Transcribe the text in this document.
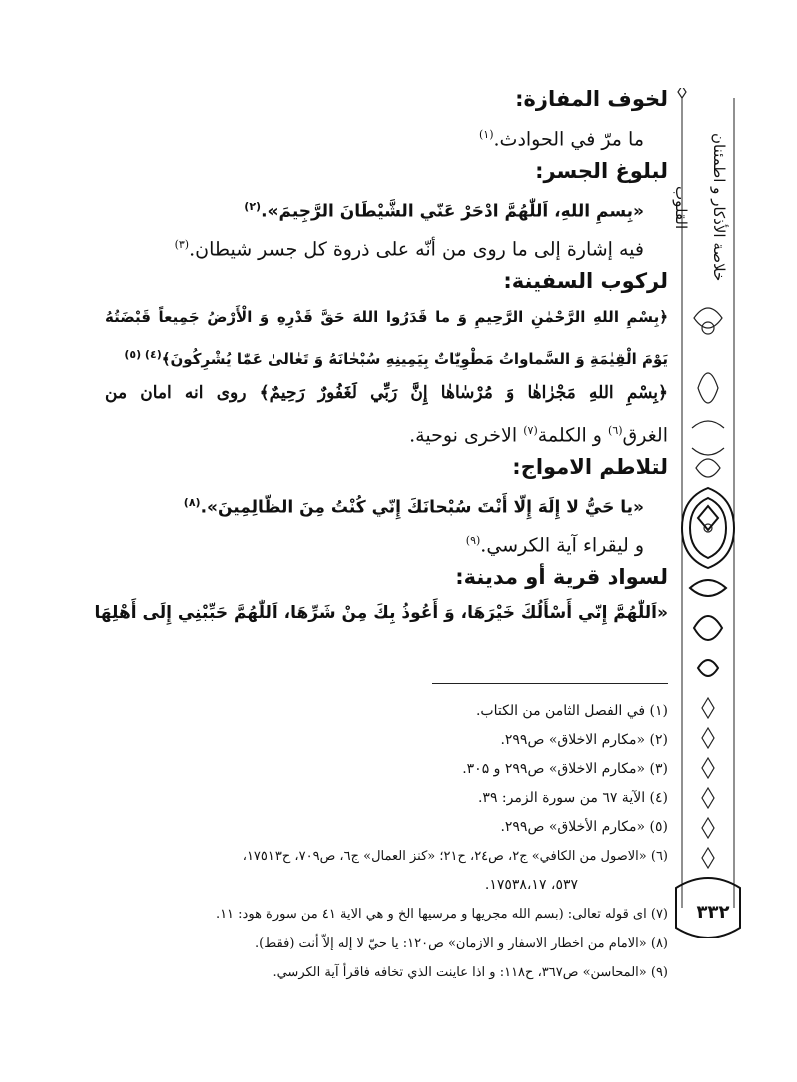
خلاصة الأذكار و اطمئنان القلوب
۳۳۲
لخوف المفازة:
ما مرّ في الحوادث.$^{(۱)}$
لبلوغ الجسر:
«بِسمِ اللهِ، اَللّٰهُمَّ ادْحَرْ عَنّي الشَّيْطَانَ الرَّجِيمَ».$^{(۲)}$
فيه إشارة إلى ما روى من أنّه على ذروة كل جسر شيطان.$^{(۳)}$
لركوب السفينة:
﴿بِسْمِ اللهِ الرَّحْمٰنِ الرَّحِيمِ وَ ما قَدَرُوا اللهَ حَقَّ قَدْرِهِ وَ الْأَرْضُ جَمِيعاً قَبْضَتُهُ
يَوْمَ الْقِيٰمَةِ وَ السَّماواتُ مَطْوِيّٰاتٌ بِيَمِينِهِ سُبْحٰانَهُ وَ تَعٰالىٰ عَمّٰا يُشْرِكُونَ﴾$^{(٤) (٥)}$
﴿بِسْمِ اللهِ مَجْرٰاهٰا وَ مُرْسٰاهٰا إِنَّ رَبِّي لَغَفُورٌ رَحِيمٌ﴾ روى انه امان من
الغرق$^{(٦)}$ و الكلمة$^{(۷)}$ الاخرى نوحية.
لتلاطم الامواج:
«يا حَيُّ لا إِلَهَ إِلّا أَنْتَ سُبْحانَكَ إِنّي كُنْتُ مِنَ الظّالِمِينَ».$^{(۸)}$
و ليقراء آية الكرسي.$^{(۹)}$
لسواد قرية أو مدينة:
«اَللّٰهُمَّ إِنّي أَسْأَلُكَ خَيْرَهَا، وَ أَعُوذُ بِكَ مِنْ شَرِّهَا، اَللّٰهُمَّ حَبِّبْنِي إِلَى أَهْلِهَا
(۱) في الفصل الثامن من الكتاب.
(۲) «مكارم الاخلاق» ص۲۹۹.
(۳) «مكارم الاخلاق» ص۲۹۹ و ۳۰۵.
(٤) الآية ٦٧ من سورة الزمر: ۳۹.
(٥) «مكارم الأخلاق» ص۲۹۹.
(٦) «الاصول من الكافي» ج۲، ص٢٤، ح۲۱؛ «كنز العمال» ج٦، ص۷۰۹، ح۱۷٥۱۳،
٥۳۷، ۱۷٥۳۸،۱۷.
(۷) اى قوله تعالى: (بسم الله مجريها و مرسيها الخ و هي الاية ٤١ من سورة هود: ۱۱.
(۸) «الامام من اخطار الاسفار و الازمان» ص۱۲۰: يا حيّ لا إله إلاّ أنت (فقط).
(۹) «المحاسن» ص۳٦۷، ح۱۱۸: و اذا عاينت الذي تخافه فاقرأ آية الكرسي.
